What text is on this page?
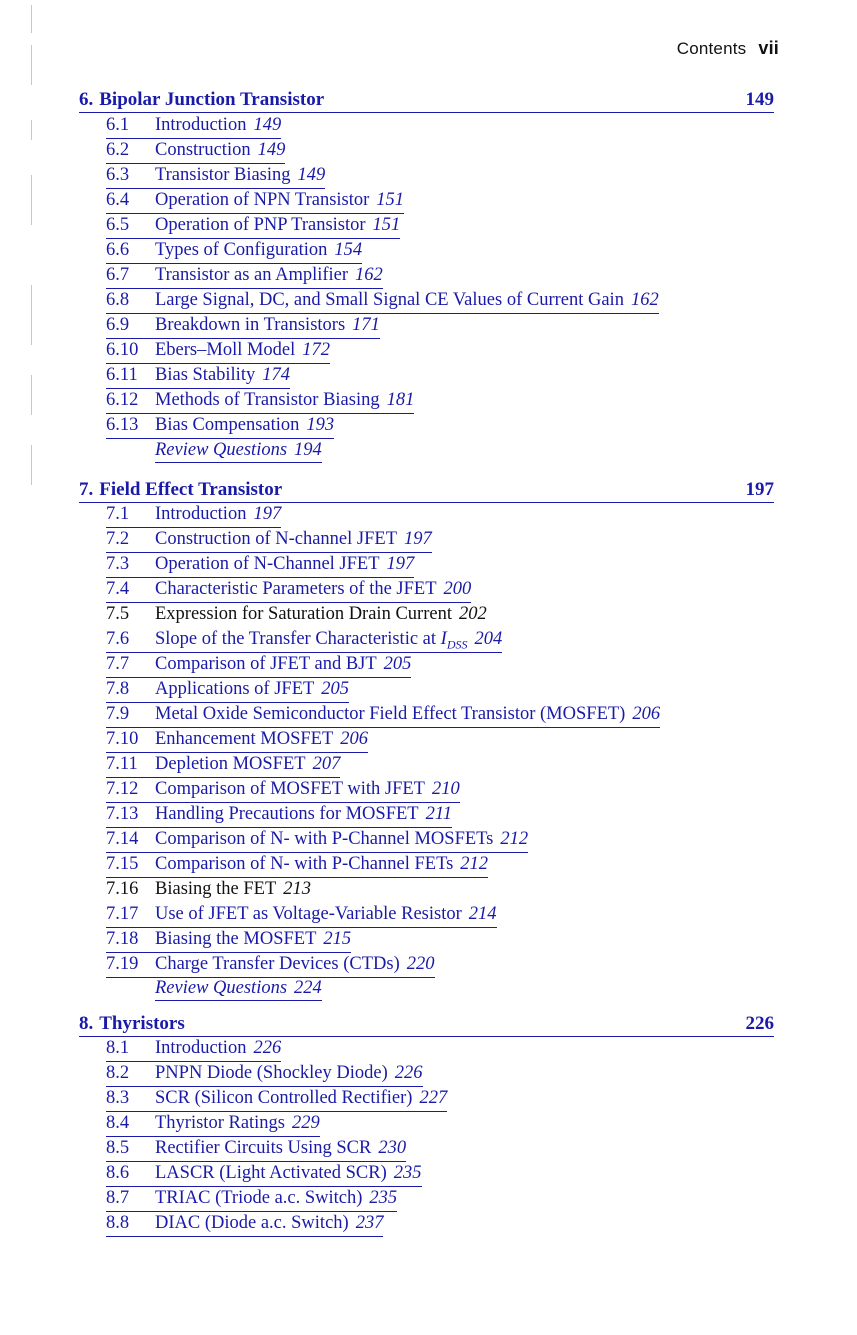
Contents vii
6. Bipolar Junction Transistor	149
6.1 Introduction 149
6.2 Construction 149
6.3 Transistor Biasing 149
6.4 Operation of NPN Transistor 151
6.5 Operation of PNP Transistor 151
6.6 Types of Configuration 154
6.7 Transistor as an Amplifier 162
6.8 Large Signal, DC, and Small Signal CE Values of Current Gain 162
6.9 Breakdown in Transistors 171
6.10 Ebers–Moll Model 172
6.11 Bias Stability 174
6.12 Methods of Transistor Biasing 181
6.13 Bias Compensation 193
Review Questions 194
7. Field Effect Transistor	197
7.1 Introduction 197
7.2 Construction of N-channel JFET 197
7.3 Operation of N-Channel JFET 197
7.4 Characteristic Parameters of the JFET 200
7.5 Expression for Saturation Drain Current 202
7.6 Slope of the Transfer Characteristic at $I_{DSS}$ 204
7.7 Comparison of JFET and BJT 205
7.8 Applications of JFET 205
7.9 Metal Oxide Semiconductor Field Effect Transistor (MOSFET) 206
7.10 Enhancement MOSFET 206
7.11 Depletion MOSFET 207
7.12 Comparison of MOSFET with JFET 210
7.13 Handling Precautions for MOSFET 211
7.14 Comparison of N- with P-Channel MOSFETs 212
7.15 Comparison of N- with P-Channel FETs 212
7.16 Biasing the FET 213
7.17 Use of JFET as Voltage-Variable Resistor 214
7.18 Biasing the MOSFET 215
7.19 Charge Transfer Devices (CTDs) 220
Review Questions 224
8. Thyristors	226
8.1 Introduction 226
8.2 PNPN Diode (Shockley Diode) 226
8.3 SCR (Silicon Controlled Rectifier) 227
8.4 Thyristor Ratings 229
8.5 Rectifier Circuits Using SCR 230
8.6 LASCR (Light Activated SCR) 235
8.7 TRIAC (Triode a.c. Switch) 235
8.8 DIAC (Diode a.c. Switch) 237
